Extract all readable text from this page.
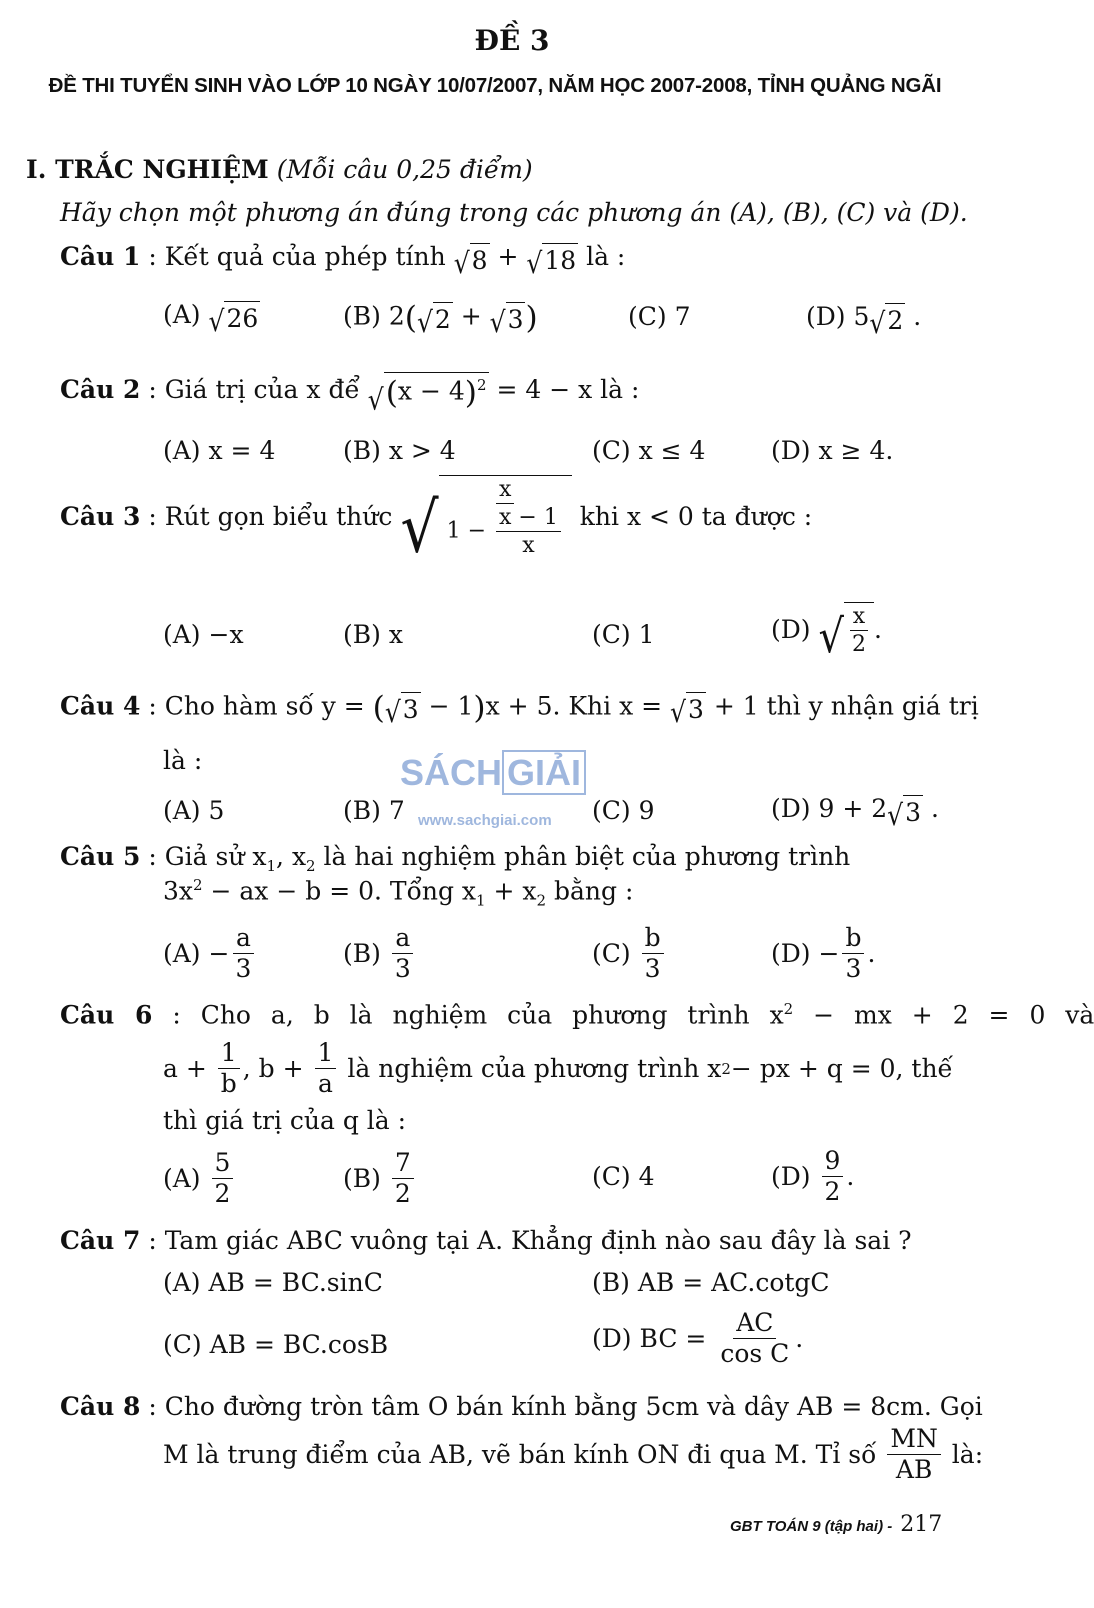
ĐỀ 3
ĐỀ THI TUYỂN SINH VÀO LỚP 10 NGÀY 10/07/2007, NĂM HỌC 2007-2008, TỈNH QUẢNG NGÃI
I. TRẮC NGHIỆM (Mỗi câu 0,25 điểm)
Hãy chọn một phương án đúng trong các phương án (A), (B), (C) và (D).
Câu 1 : Kết quả của phép tính √ 8 + √ 18 là :
(A) √ 26	(B) 2( √ 2 + √ 3 )	(C) 7	(D) 5 √ 2 .
Câu 2 : Giá trị của x để √ $(x - 4)^2 = 4 - x$ là :
(A) x = 4	(B) x > 4	(C) x ≤ 4	(D) x ≥ 4.
Câu 3 : Rút gọn biểu thức √ $\frac{x}{1 - \frac{x - 1}{x}}$ khi x < 0 ta được :
(A) −x	(B) x	(C) 1	(D) √ $\frac{x}{2}$ .
Câu 4 : Cho hàm số y = ( √ 3 − 1)x + 5. Khi x = √ 3 + 1 thì y nhận giá trị
là :
(A) 5	(B) 7	(C) 9	(D) 9 + 2 √ 3 .
SÁCH GIẢI
www.sachgiai.com
Câu 5 : Giả sử $x_1$, $x_2$ là hai nghiệm phân biệt của phương trình
$3x^2$ − ax − b = 0. Tổng $x_1 + x_2$ bằng :
$(A) - \frac{a}{3}$	$(B) \frac{a}{3}$	$(C) \frac{b}{3}$	$(D) - \frac{b}{3}$ .
Câu 6 : Cho a, b là nghiệm của phương trình $x^2$ − mx + 2 = 0 và
$a + \frac{1}{b}$ , $b + \frac{1}{a}$ là nghiệm của phương trình x 2 − px + q = 0, thế
thì giá trị của q là :
$(A) \frac{5}{2}$	$(B) \frac{7}{2}$	(C) 4	$(D) \frac{9}{2}$ .
Câu 7 : Tam giác ABC vuông tại A. Khẳng định nào sau đây là sai ?
(A) AB = BC.sinC	(B) AB = AC.cotgC
(C) AB = BC.cosB	(D) BC = $\frac{AC}{\text{cos C}}$ .
Câu 8 : Cho đường tròn tâm O bán kính bằng 5cm và dây AB = 8cm. Gọi
M là trung điểm của AB, vẽ bán kính ON đi qua M. Tỉ số $\frac{MN}{AB}$ là:
GBT TOÁN 9 (tập hai) - 217
